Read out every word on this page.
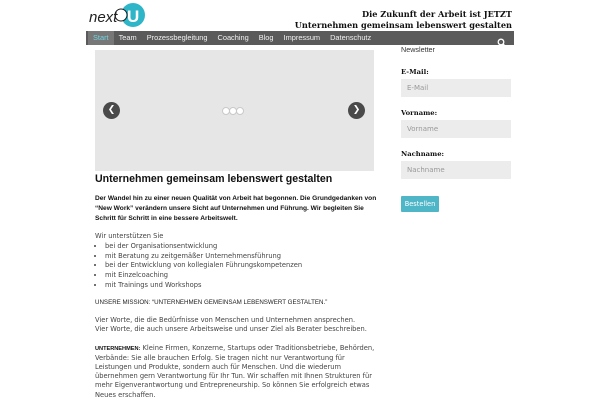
next U	Die Zukunft der Arbeit ist JETZT
Unternehmen gemeinsam lebenswert gestalten
Start	Team	Prozessbegleitung	Coaching	Blog	Impressum	Datenschutz
❮	❯
Unternehmen gemeinsam lebenswert gestalten
Der Wandel hin zu einer neuen Qualität von Arbeit hat begonnen. Die Grundgedanken von “New Work” verändern unsere Sicht auf Unternehmen und Führung. Wir begleiten Sie Schritt für Schritt in eine bessere Arbeitswelt.
Wir unterstützen Sie
• bei der Organisationsentwicklung
• mit Beratung zu zeitgemäßer Unternehmensführung
• bei der Entwicklung von kollegialen Führungskompetenzen
• mit Einzelcoaching
• mit Trainings und Workshops
UNSERE MISSION: “UNTERNEHMEN GEMEINSAM LEBENSWERT GESTALTEN.”
Vier Worte, die die Bedürfnisse von Menschen und Unternehmen ansprechen.
Vier Worte, die auch unsere Arbeitsweise und unser Ziel als Berater beschreiben.
UNTERNEHMEN: Kleine Firmen, Konzerne, Startups oder Traditionsbetriebe, Behörden, Verbände: Sie alle brauchen Erfolg. Sie tragen nicht nur Verantwortung für Leistungen und Produkte, sondern auch für Menschen. Und die wiederum übernehmen gern Verantwortung für Ihr Tun. Wir schaffen mit Ihnen Strukturen für mehr Eigenverantwortung und Entrepreneurship. So können Sie erfolgreich etwas Neues erschaffen.
Newsletter
E-Mail:
E-Mail
Vorname:
Vorname
Nachname:
Nachname
Bestellen
